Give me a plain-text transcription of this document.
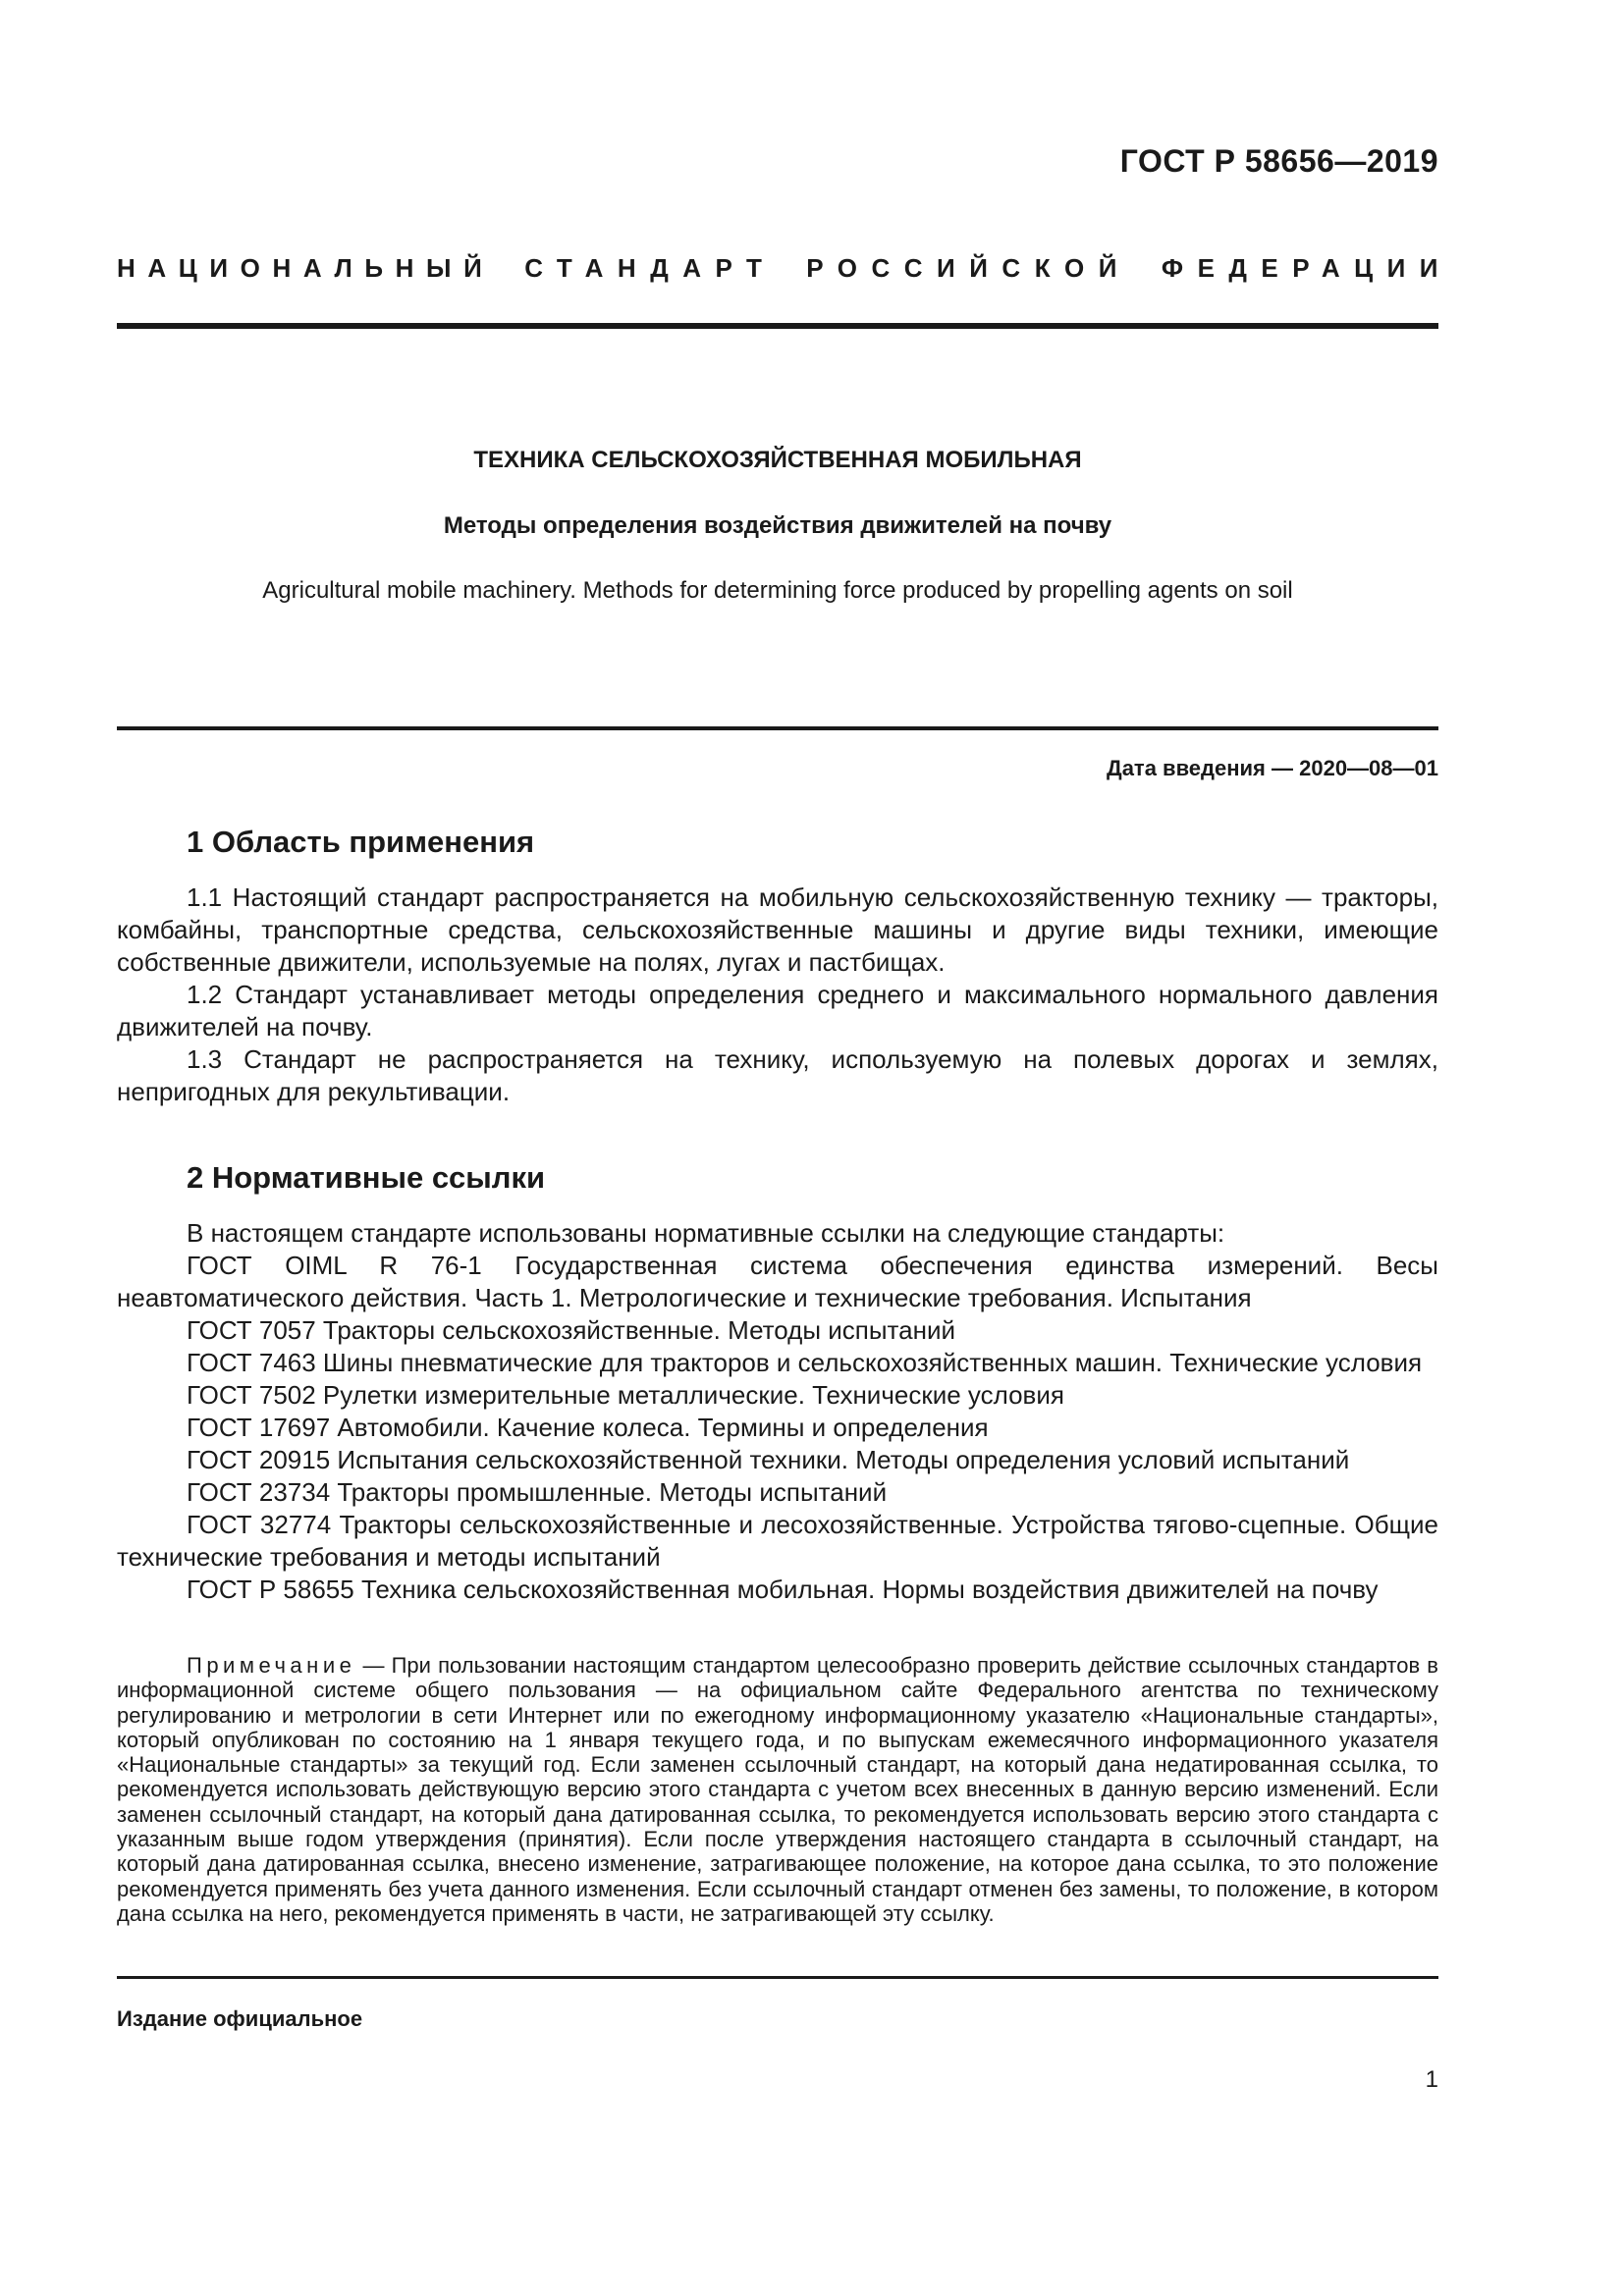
ГОСТ Р 58656—2019
НАЦИОНАЛЬНЫЙ СТАНДАРТ РОССИЙСКОЙ ФЕДЕРАЦИИ
ТЕХНИКА СЕЛЬСКОХОЗЯЙСТВЕННАЯ МОБИЛЬНАЯ
Методы определения воздействия движителей на почву
Agricultural mobile machinery. Methods for determining force produced by propelling agents on soil
Дата введения — 2020—08—01
1 Область применения

1.1 Настоящий стандарт распространяется на мобильную сельскохозяйственную технику — тракторы, комбайны, транспортные средства, сельскохозяйственные машины и другие виды техники, имеющие собственные движители, используемые на полях, лугах и пастбищах.

1.2 Стандарт устанавливает методы определения среднего и максимального нормального давления движителей на почву.

1.3 Стандарт не распространяется на технику, используемую на полевых дорогах и землях, непригодных для рекультивации.

2 Нормативные ссылки

В настоящем стандарте использованы нормативные ссылки на следующие стандарты:

ГОСТ OIML R 76-1 Государственная система обеспечения единства измерений. Весы неавтоматического действия. Часть 1. Метрологические и технические требования. Испытания

ГОСТ 7057 Тракторы сельскохозяйственные. Методы испытаний

ГОСТ 7463 Шины пневматические для тракторов и сельскохозяйственных машин. Технические условия

ГОСТ 7502 Рулетки измерительные металлические. Технические условия

ГОСТ 17697 Автомобили. Качение колеса. Термины и определения

ГОСТ 20915 Испытания сельскохозяйственной техники. Методы определения условий испытаний

ГОСТ 23734 Тракторы промышленные. Методы испытаний

ГОСТ 32774 Тракторы сельскохозяйственные и лесохозяйственные. Устройства тягово-сцепные. Общие технические требования и методы испытаний

ГОСТ Р 58655 Техника сельскохозяйственная мобильная. Нормы воздействия движителей на почву

Примечание — При пользовании настоящим стандартом целесообразно проверить действие ссылочных стандартов в информационной системе общего пользования — на официальном сайте Федерального агентства по техническому регулированию и метрологии в сети Интернет или по ежегодному информационному указателю «Национальные стандарты», который опубликован по состоянию на 1 января текущего года, и по выпускам ежемесячного информационного указателя «Национальные стандарты» за текущий год. Если заменен ссылочный стандарт, на который дана недатированная ссылка, то рекомендуется использовать действующую версию этого стандарта с учетом всех внесенных в данную версию изменений. Если заменен ссылочный стандарт, на который дана датированная ссылка, то рекомендуется использовать версию этого стандарта с указанным выше годом утверждения (принятия). Если после утверждения настоящего стандарта в ссылочный стандарт, на который дана датированная ссылка, внесено изменение, затрагивающее положение, на которое дана ссылка, то это положение рекомендуется применять без учета данного изменения. Если ссылочный стандарт отменен без замены, то положение, в котором дана ссылка на него, рекомендуется применять в части, не затрагивающей эту ссылку.
Издание официальное
1
